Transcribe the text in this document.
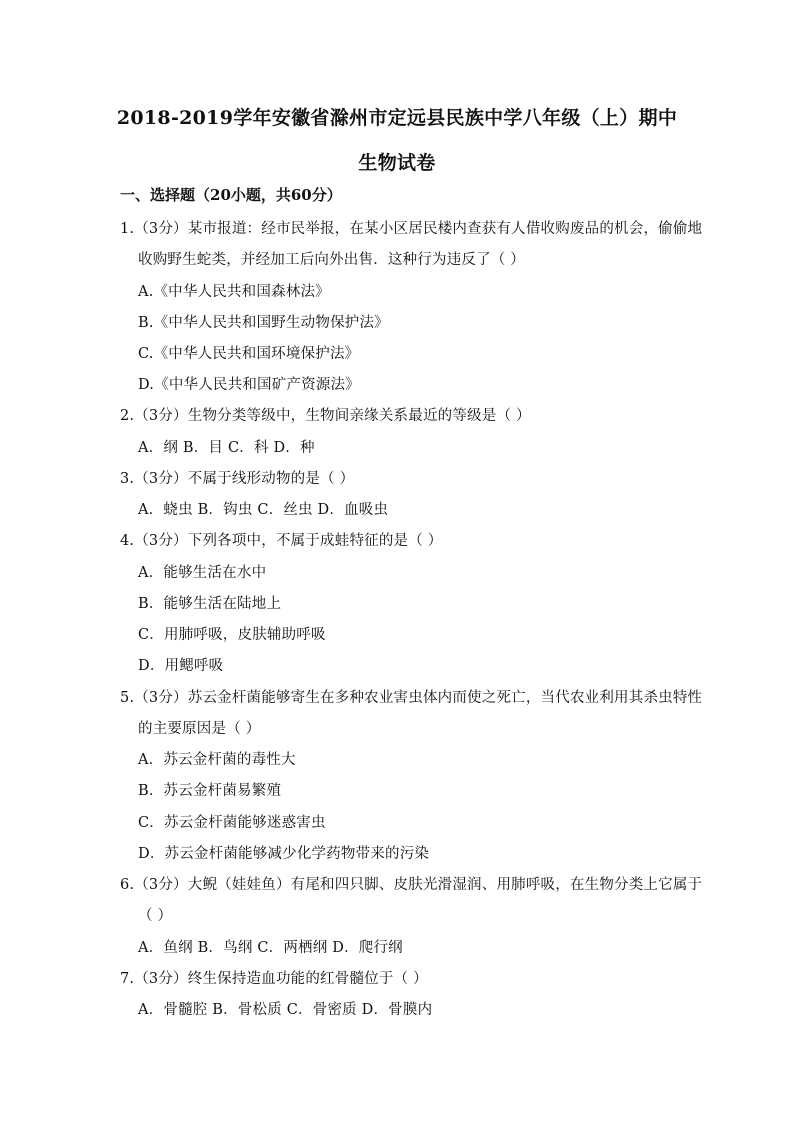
2018-2019学年安徽省滁州市定远县民族中学八年级（上）期中
生物试卷
一、选择题（20小题，共60分）
1.（3分）某市报道：经市民举报，在某小区居民楼内查获有人借收购废品的机会，偷偷地
收购野生蛇类，并经加工后向外出售．这种行为违反了（ ）
A.《中华人民共和国森林法》
B.《中华人民共和国野生动物保护法》
C.《中华人民共和国环境保护法》
D.《中华人民共和国矿产资源法》
2.（3分）生物分类等级中，生物间亲缘关系最近的等级是（ ）
A．纲 B．目 C．科 D．种
3.（3分）不属于线形动物的是（ ）
A．蛲虫 B．钩虫 C．丝虫 D．血吸虫
4.（3分）下列各项中，不属于成蛙特征的是（ ）
A．能够生活在水中
B．能够生活在陆地上
C．用肺呼吸，皮肤辅助呼吸
D．用鳃呼吸
5.（3分）苏云金杆菌能够寄生在多种农业害虫体内而使之死亡，当代农业利用其杀虫特性
的主要原因是（ ）
A．苏云金杆菌的毒性大
B．苏云金杆菌易繁殖
C．苏云金杆菌能够迷惑害虫
D．苏云金杆菌能够减少化学药物带来的污染
6.（3分）大鲵（娃娃鱼）有尾和四只脚、皮肤光滑湿润、用肺呼吸，在生物分类上它属于
（ ）
A．鱼纲 B．鸟纲 C．两栖纲 D．爬行纲
7.（3分）终生保持造血功能的红骨髓位于（ ）
A．骨髓腔 B．骨松质 C．骨密质 D．骨膜内
